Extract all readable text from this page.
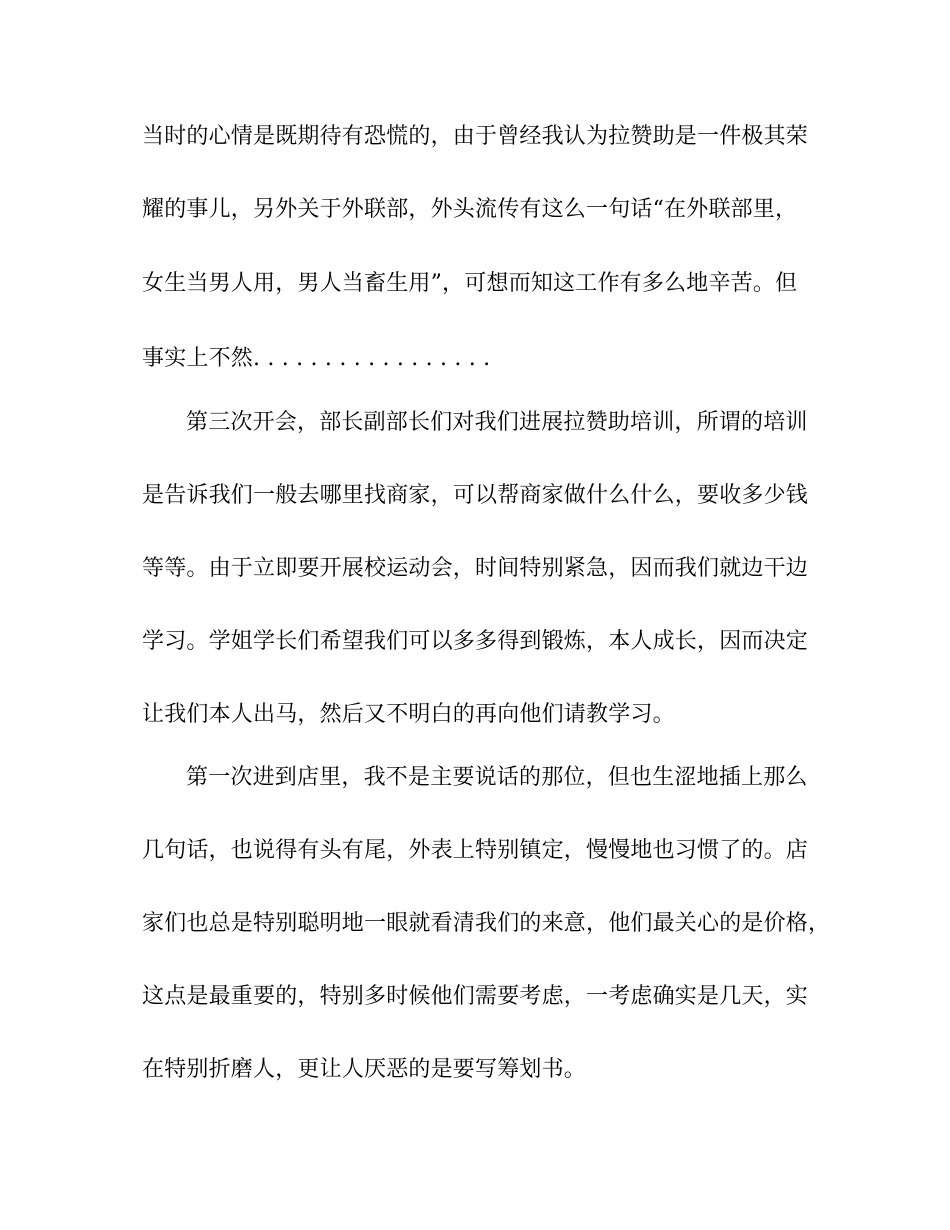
当时的心情是既期待有恐慌的，由于曾经我认为拉赞助是一件极其荣
耀的事儿，另外关于外联部，外头流传有这么一句话“在外联部里，
女生当男人用，男人当畜生用”，可想而知这工作有多么地辛苦。但
事实上不然. . . . . . . . . . . . . . . . .
第三次开会，部长副部长们对我们进展拉赞助培训，所谓的培训
是告诉我们一般去哪里找商家，可以帮商家做什么什么，要收多少钱
等等。由于立即要开展校运动会，时间特别紧急，因而我们就边干边
学习。学姐学长们希望我们可以多多得到锻炼，本人成长，因而决定
让我们本人出马，然后又不明白的再向他们请教学习。
第一次进到店里，我不是主要说话的那位，但也生涩地插上那么
几句话，也说得有头有尾，外表上特别镇定，慢慢地也习惯了的。店
家们也总是特别聪明地一眼就看清我们的来意，他们最关心的是价格，
这点是最重要的，特别多时候他们需要考虑，一考虑确实是几天，实
在特别折磨人，更让人厌恶的是要写筹划书。
